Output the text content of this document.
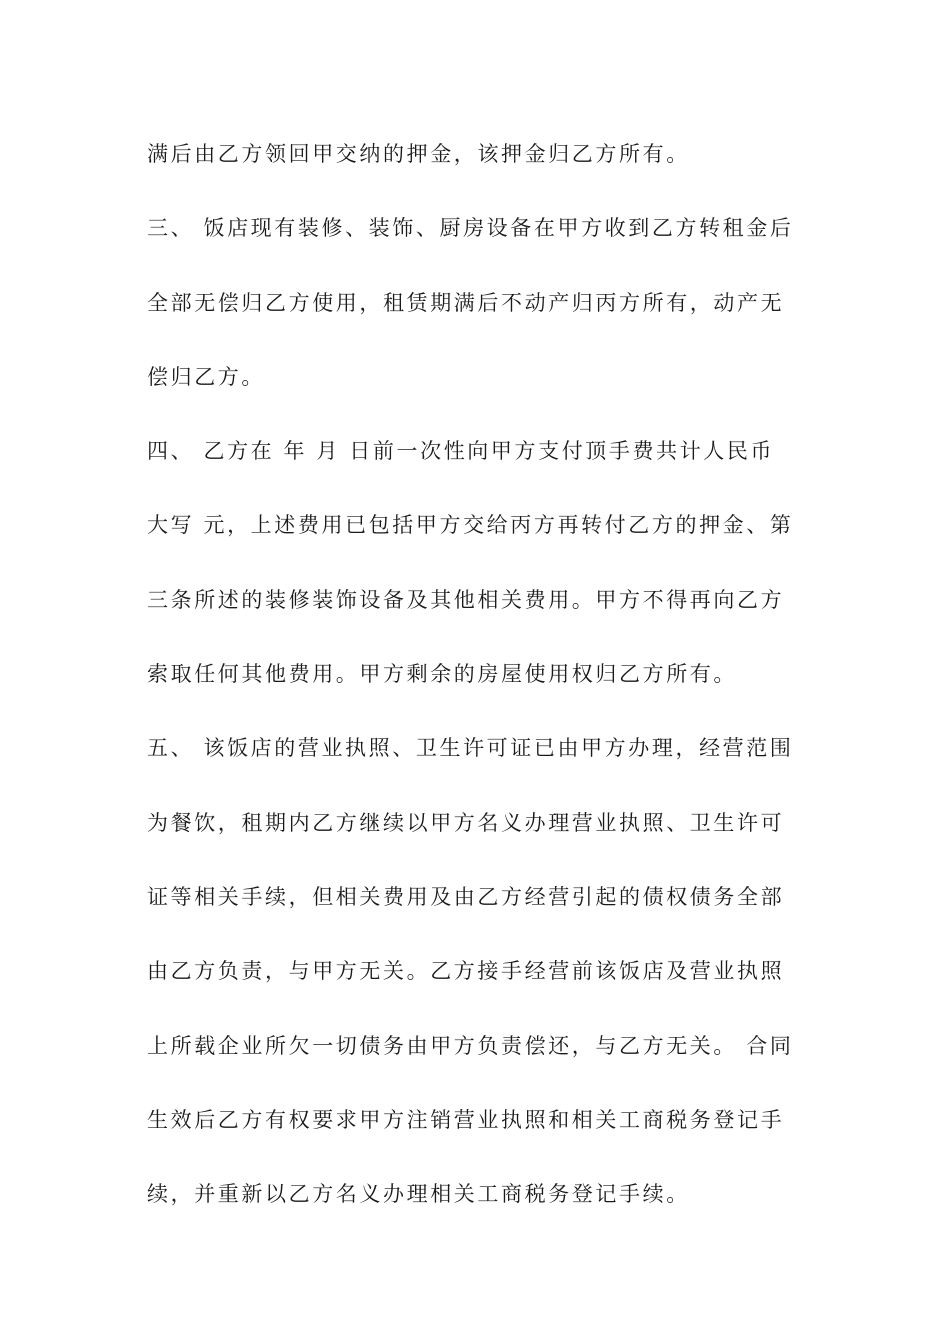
满后由乙方领回甲交纳的押金，该押金归乙方所有。
三、 饭店现有装修、装饰、厨房设备在甲方收到乙方转租金后
全部无偿归乙方使用，租赁期满后不动产归丙方所有，动产无
偿归乙方。
四、 乙方在 年 月 日前一次性向甲方支付顶手费共计人民币
大写 元，上述费用已包括甲方交给丙方再转付乙方的押金、第
三条所述的装修装饰设备及其他相关费用。甲方不得再向乙方
索取任何其他费用。甲方剩余的房屋使用权归乙方所有。
五、 该饭店的营业执照、卫生许可证已由甲方办理，经营范围
为餐饮，租期内乙方继续以甲方名义办理营业执照、卫生许可
证等相关手续，但相关费用及由乙方经营引起的债权债务全部
由乙方负责，与甲方无关。乙方接手经营前该饭店及营业执照
上所载企业所欠一切债务由甲方负责偿还，与乙方无关。 合同
生效后乙方有权要求甲方注销营业执照和相关工商税务登记手
续，并重新以乙方名义办理相关工商税务登记手续。
